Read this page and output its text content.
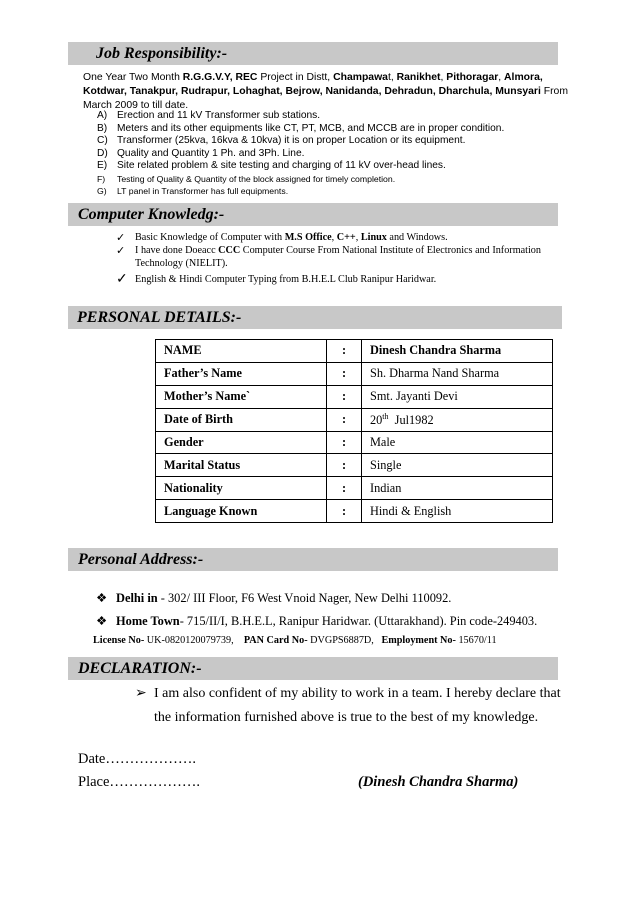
Job Responsibility:-
One Year Two Month R.G.G.V.Y, REC Project in Distt, Champawat, Ranikhet, Pithoragar, Almora, Kotdwar, Tanakpur, Rudrapur, Lohaghat, Bejrow, Nanidanda, Dehradun, Dharchula, Munsyari From March 2009 to till date.
A) Erection and 11 kV Transformer sub stations.
B) Meters and its other equipments like CT, PT, MCB, and MCCB are in proper condition.
C) Transformer (25kva, 16kva & 10kva) it is on proper Location or its equipment.
D) Quality and Quantity 1 Ph. and 3Ph. Line.
E) Site related problem & site testing and charging of 11 kV over-head lines.
F)	Testing of Quality & Quantity of the block assigned for timely completion.
G)	LT panel in Transformer has full equipments.
Computer Knowledg:-
✓ Basic Knowledge of Computer with M.S Office, C++, Linux and Windows.
✓ I have done Doeacc CCC Computer Course From National Institute of Electronics and Information Technology (NIELIT).
✓ English & Hindi Computer Typing from B.H.E.L Club Ranipur Haridwar.
PERSONAL DETAILS:-
NAME	:	Dinesh Chandra Sharma
Father’s Name	:	Sh. Dharma Nand Sharma
Mother’s Name`	:	Smt. Jayanti Devi
Date of Birth	:	20th  Jul1982
Gender	:	Male
Marital Status	:	Single
Nationality	:	Indian
Language Known	:	Hindi & English
Personal Address:-
❖ Delhi in - 302/ III Floor, F6 West Vnoid Nager, New Delhi 110092.
❖ Home Town- 715/II/I, B.H.E.L, Ranipur Haridwar. (Uttarakhand). Pin code-249403.
License No- UK-0820120079739, PAN Card No- DVGPS6887D, Employment No- 15670/11
DECLARATION:-
➢ I am also confident of my ability to work in a team. I hereby declare that the information furnished above is true to the best of my knowledge.
Date……………….
Place……………….	(Dinesh Chandra Sharma)
